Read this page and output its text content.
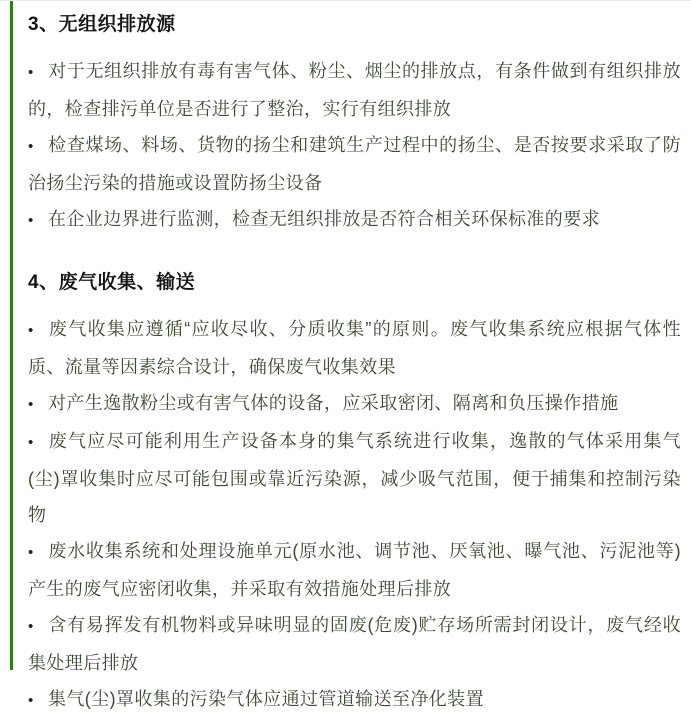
3、无组织排放源

• 对于无组织排放有毒有害气体、粉尘、烟尘的排放点，有条件做到有组织排放的，检查排污单位是否进行了整治，实行有组织排放

• 检查煤场、料场、货物的扬尘和建筑生产过程中的扬尘、是否按要求采取了防治扬尘污染的措施或设置防扬尘设备

• 在企业边界进行监测，检查无组织排放是否符合相关环保标准的要求

4、废气收集、输送

• 废气收集应遵循“应收尽收、分质收集”的原则。废气收集系统应根据气体性质、流量等因素综合设计，确保废气收集效果

• 对产生逸散粉尘或有害气体的设备，应采取密闭、隔离和负压操作措施

• 废气应尽可能利用生产设备本身的集气系统进行收集，逸散的气体采用集气(尘)罩收集时应尽可能包围或靠近污染源，减少吸气范围，便于捕集和控制污染物

• 废水收集系统和处理设施单元(原水池、调节池、厌氧池、曝气池、污泥池等)产生的废气应密闭收集，并采取有效措施处理后排放

• 含有易挥发有机物料或异味明显的固废(危废)贮存场所需封闭设计，废气经收集处理后排放

• 集气(尘)罩收集的污染气体应通过管道输送至净化装置
